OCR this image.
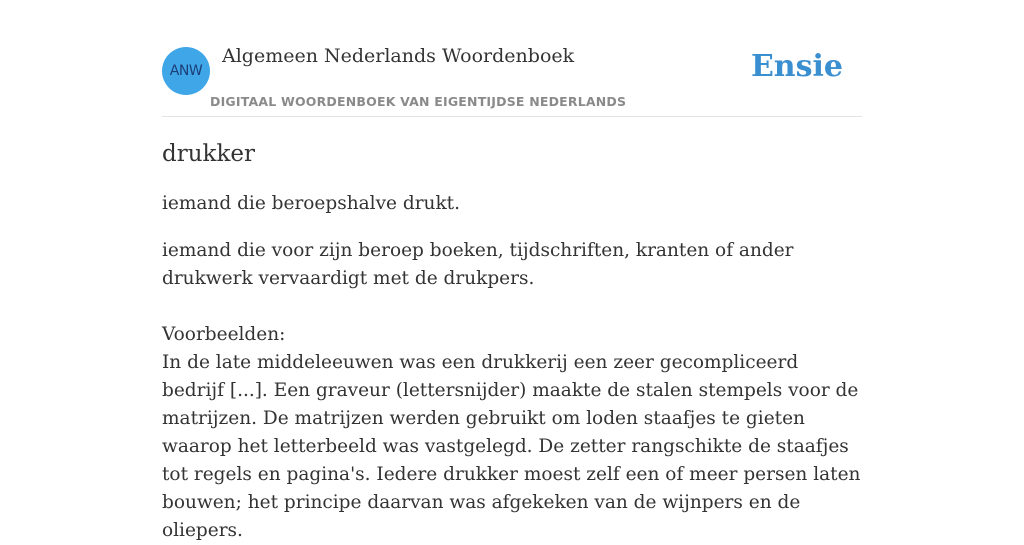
ANW
Algemeen Nederlands Woordenboek
DIGITAAL WOORDENBOEK VAN EIGENTIJDSE NEDERLANDS
Ensie
drukker

iemand die beroepshalve drukt.

iemand die voor zijn beroep boeken, tijdschriften, kranten of ander drukwerk vervaardigt met de drukpers.

Voorbeelden:

In de late middeleeuwen was een drukkerij een zeer gecompliceerd bedrijf [...]. Een graveur (lettersnijder) maakte de stalen stempels voor de matrijzen. De matrijzen werden gebruikt om loden staafjes te gieten waarop het letterbeeld was vastgelegd. De zetter rangschikte de staafjes tot regels en pagina's. Iedere drukker moest zelf een of meer persen laten bouwen; het principe daarvan was afgekeken van de wijnpers en de oliepers.
